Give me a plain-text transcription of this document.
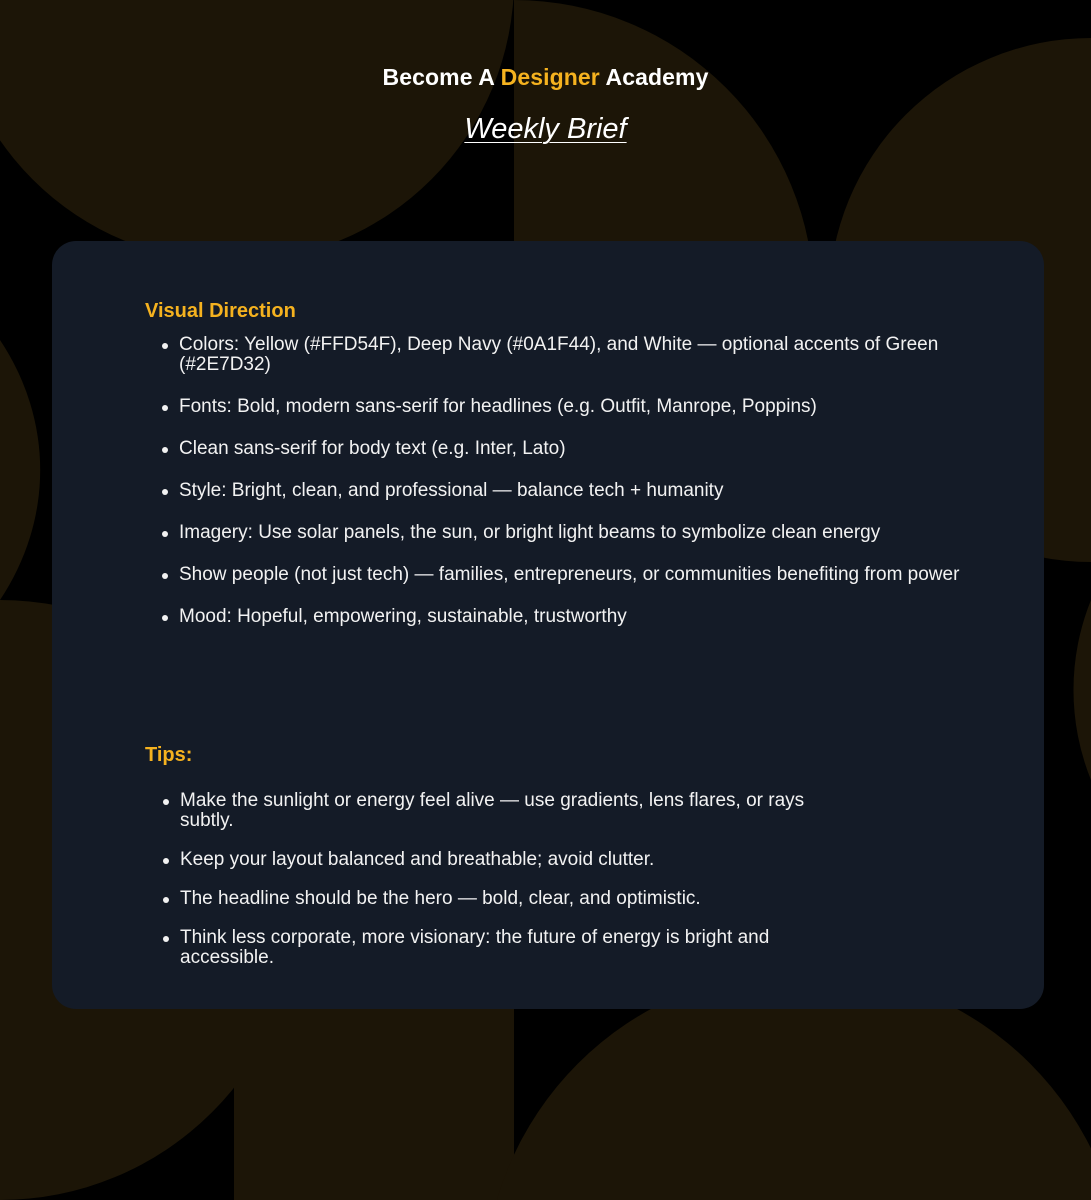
Become A Designer Academy
Weekly Brief
Visual Direction
Colors: Yellow (#FFD54F), Deep Navy (#0A1F44), and White — optional accents of Green (#2E7D32)
Fonts: Bold, modern sans-serif for headlines (e.g. Outfit, Manrope, Poppins)
Clean sans-serif for body text (e.g. Inter, Lato)
Style: Bright, clean, and professional — balance tech + humanity
Imagery: Use solar panels, the sun, or bright light beams to symbolize clean energy
Show people (not just tech) — families, entrepreneurs, or communities benefiting from power
Mood: Hopeful, empowering, sustainable, trustworthy
Tips:
Make the sunlight or energy feel alive — use gradients, lens flares, or rays subtly.
Keep your layout balanced and breathable; avoid clutter.
The headline should be the hero — bold, clear, and optimistic.
Think less corporate, more visionary: the future of energy is bright and accessible.
